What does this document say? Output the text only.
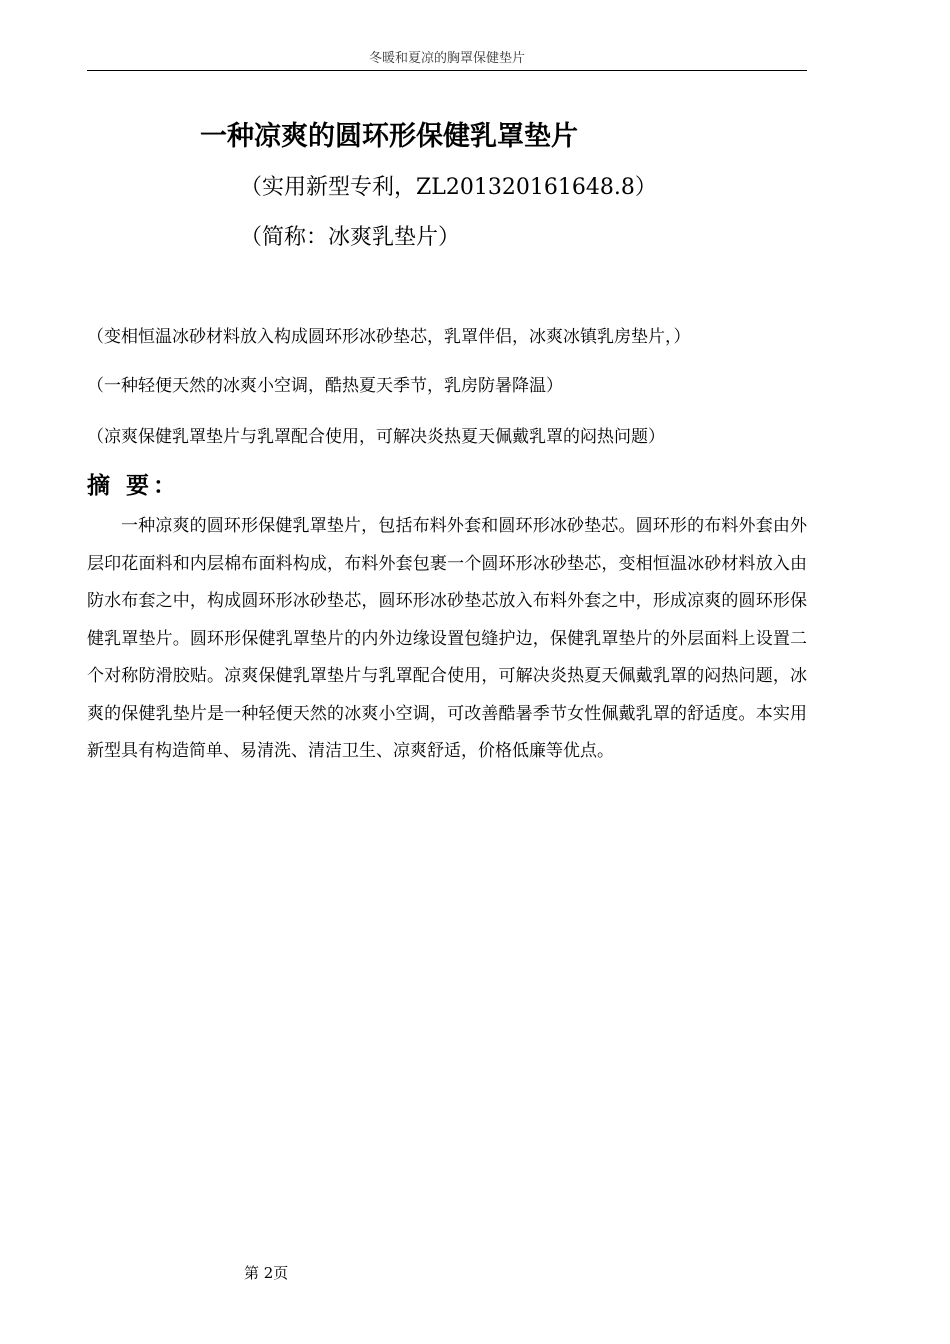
冬暖和夏凉的胸罩保健垫片
一种凉爽的圆环形保健乳罩垫片

（实用新型专利，ZL201320161648.8）

（简称：冰爽乳垫片）

（变相恒温冰砂材料放入构成圆环形冰砂垫芯，乳罩伴侣，冰爽冰镇乳房垫片，）

（一种轻便天然的冰爽小空调，酷热夏天季节，乳房防暑降温）

（凉爽保健乳罩垫片与乳罩配合使用，可解决炎热夏天佩戴乳罩的闷热问题）

摘 要：

一种凉爽的圆环形保健乳罩垫片，包括布料外套和圆环形冰砂垫芯。圆环形的布料外套由外层印花面料和内层棉布面料构成，布料外套包裹一个圆环形冰砂垫芯，变相恒温冰砂材料放入由防水布套之中，构成圆环形冰砂垫芯，圆环形冰砂垫芯放入布料外套之中，形成凉爽的圆环形保健乳罩垫片。圆环形保健乳罩垫片的内外边缘设置包缝护边，保健乳罩垫片的外层面料上设置二个对称防滑胶贴。凉爽保健乳罩垫片与乳罩配合使用，可解决炎热夏天佩戴乳罩的闷热问题，冰爽的保健乳垫片是一种轻便天然的冰爽小空调，可改善酷暑季节女性佩戴乳罩的舒适度。本实用新型具有构造简单、易清洗、清洁卫生、凉爽舒适，价格低廉等优点。

第 2页
